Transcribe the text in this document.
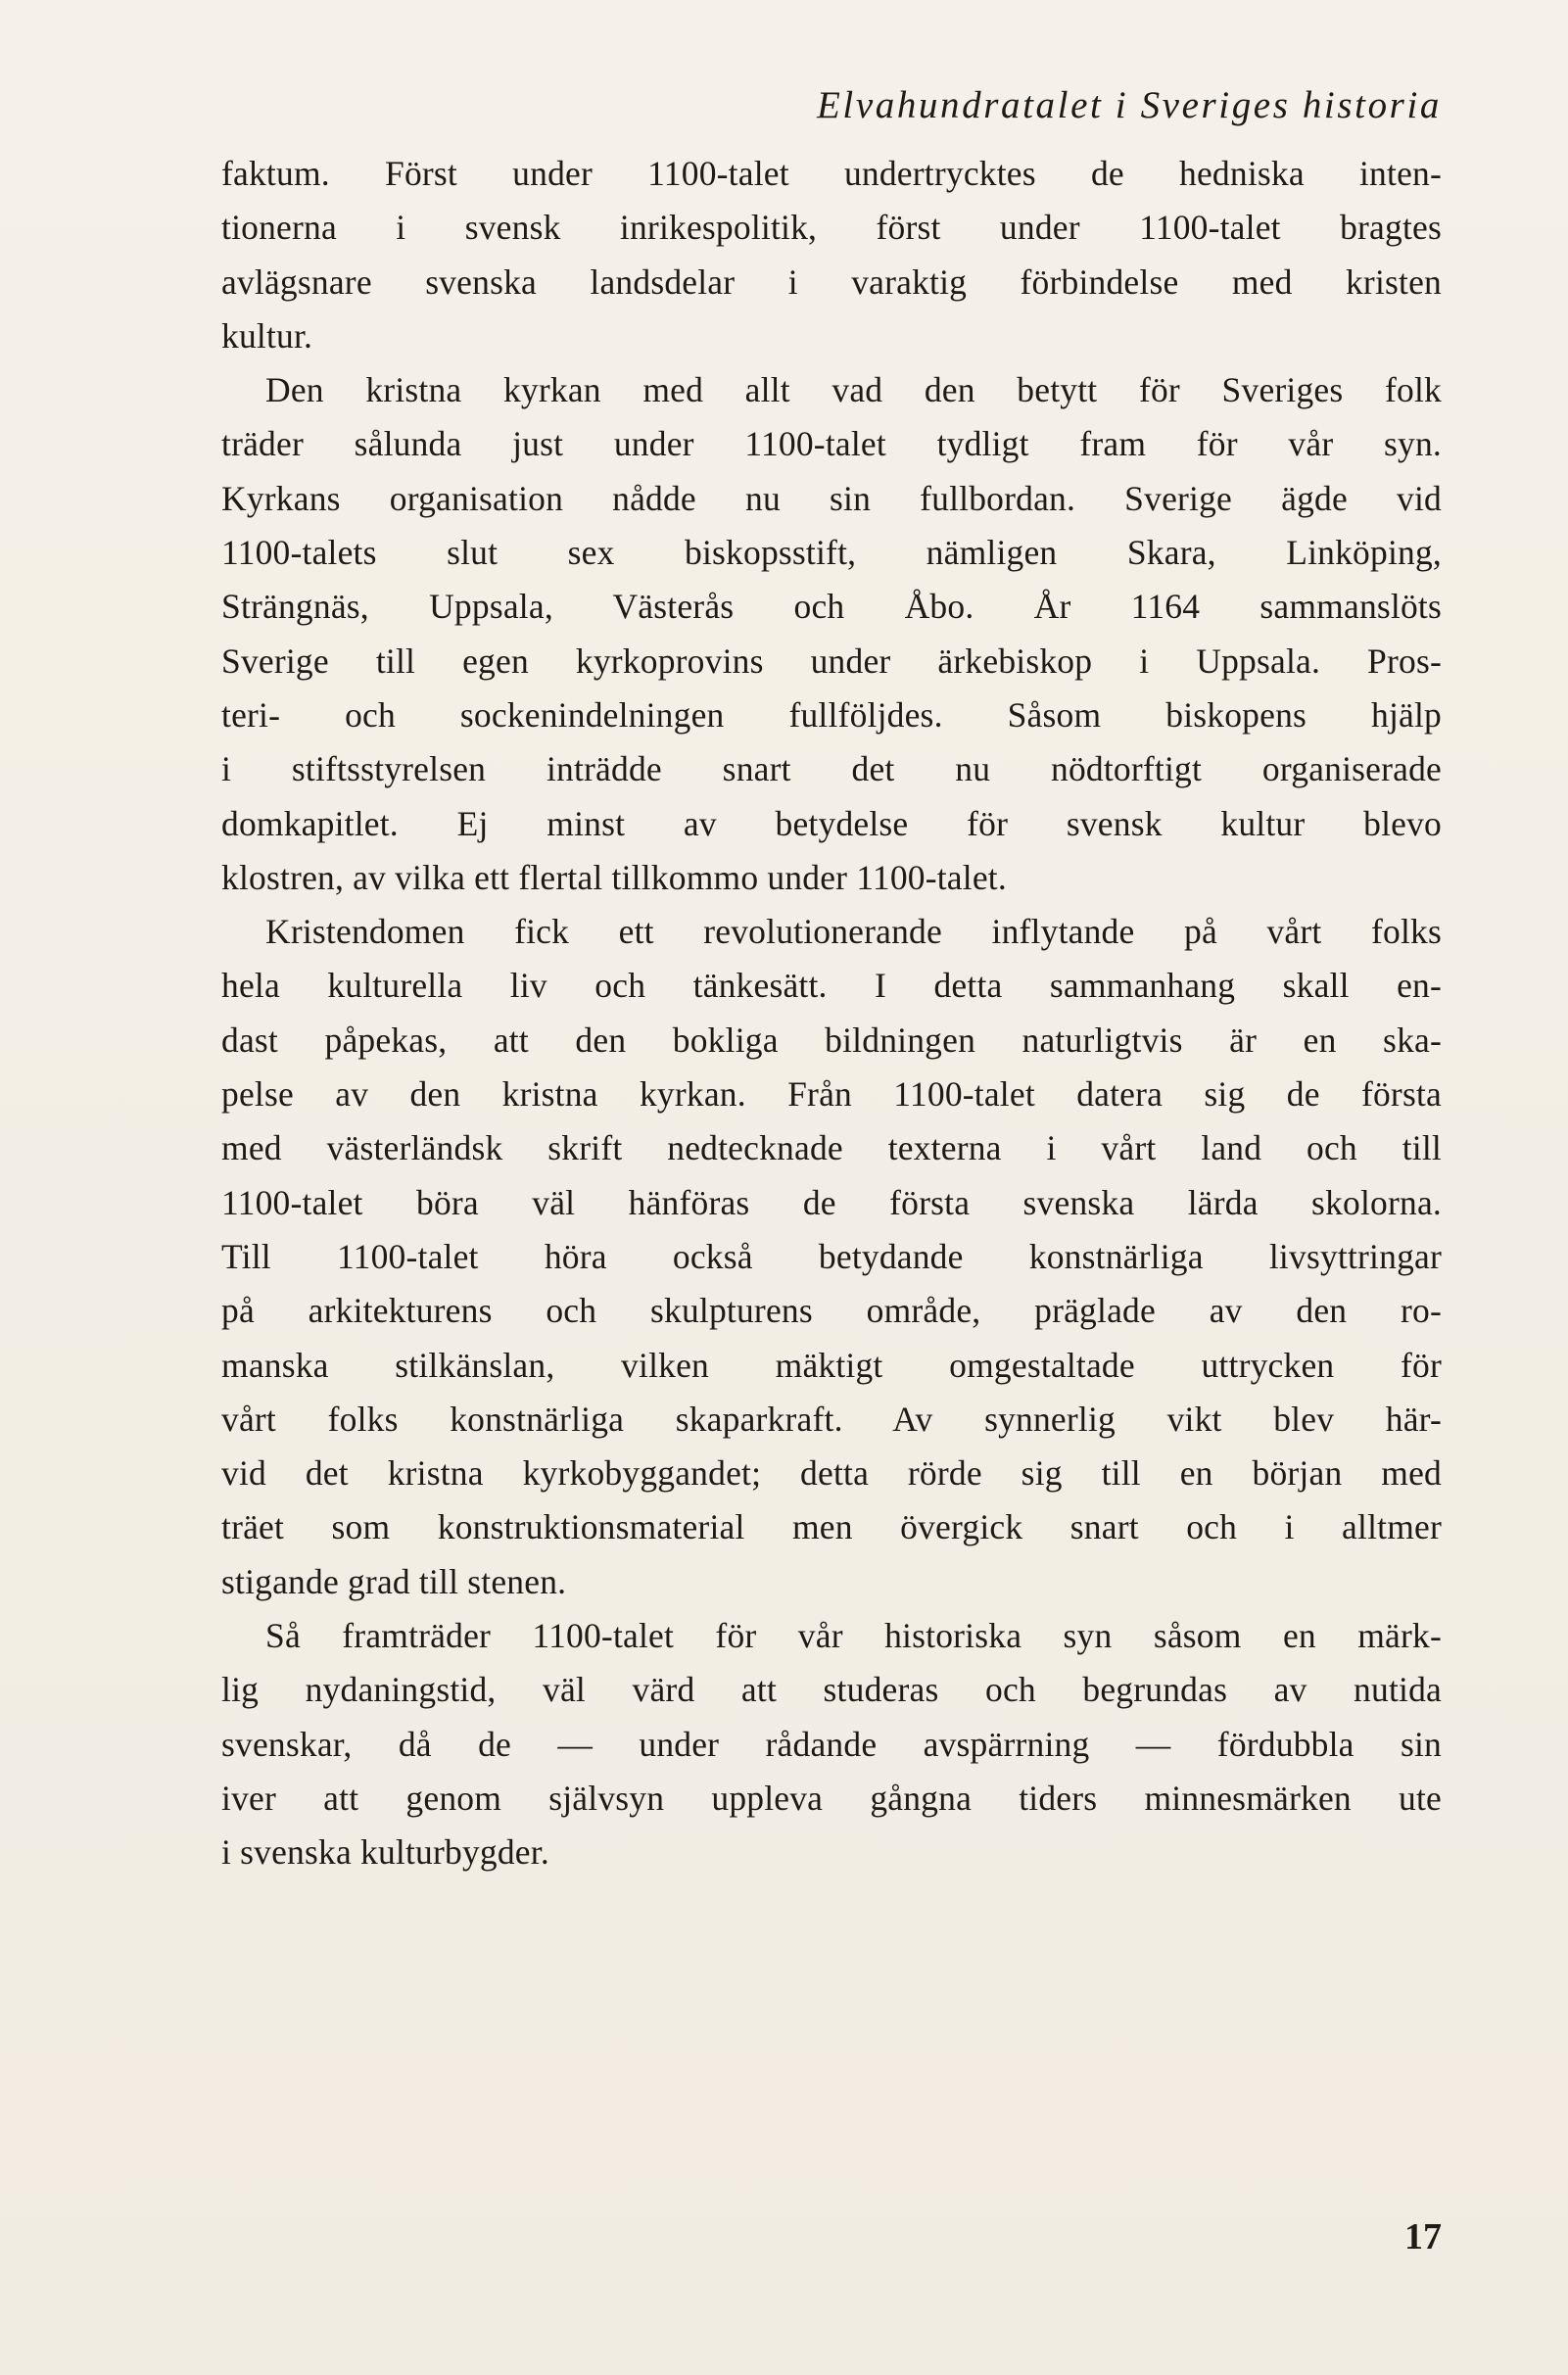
Elvahundratalet i Sveriges historia

faktum. Först under 1100-talet undertrycktes de hedniska inten-
tionerna i svensk inrikespolitik, först under 1100-talet bragtes
avlägsnare svenska landsdelar i varaktig förbindelse med kristen
kultur.

Den kristna kyrkan med allt vad den betytt för Sveriges folk
träder sålunda just under 1100-talet tydligt fram för vår syn.
Kyrkans organisation nådde nu sin fullbordan. Sverige ägde vid
1100-talets slut sex biskopsstift, nämligen Skara, Linköping,
Strängnäs, Uppsala, Västerås och Åbo. År 1164 sammanslöts
Sverige till egen kyrkoprovins under ärkebiskop i Uppsala. Pros-
teri- och sockenindelningen fullföljdes. Såsom biskopens hjälp
i stiftsstyrelsen inträdde snart det nu nödtorftigt organiserade
domkapitlet. Ej minst av betydelse för svensk kultur blevo
klostren, av vilka ett flertal tillkommo under 1100-talet.

Kristendomen fick ett revolutionerande inflytande på vårt folks
hela kulturella liv och tänkesätt. I detta sammanhang skall en-
dast påpekas, att den bokliga bildningen naturligtvis är en ska-
pelse av den kristna kyrkan. Från 1100-talet datera sig de första
med västerländsk skrift nedtecknade texterna i vårt land och till
1100-talet böra väl hänföras de första svenska lärda skolorna.
Till 1100-talet höra också betydande konstnärliga livsyttringar
på arkitekturens och skulpturens område, präglade av den ro-
manska stilkänslan, vilken mäktigt omgestaltade uttrycken för
vårt folks konstnärliga skaparkraft. Av synnerlig vikt blev här-
vid det kristna kyrkobyggandet; detta rörde sig till en början med
träet som konstruktionsmaterial men övergick snart och i alltmer
stigande grad till stenen.

Så framträder 1100-talet för vår historiska syn såsom en märk-
lig nydaningstid, väl värd att studeras och begrundas av nutida
svenskar, då de — under rådande avspärrning — fördubbla sin
iver att genom självsyn uppleva gångna tiders minnesmärken ute
i svenska kulturbygder.

17
